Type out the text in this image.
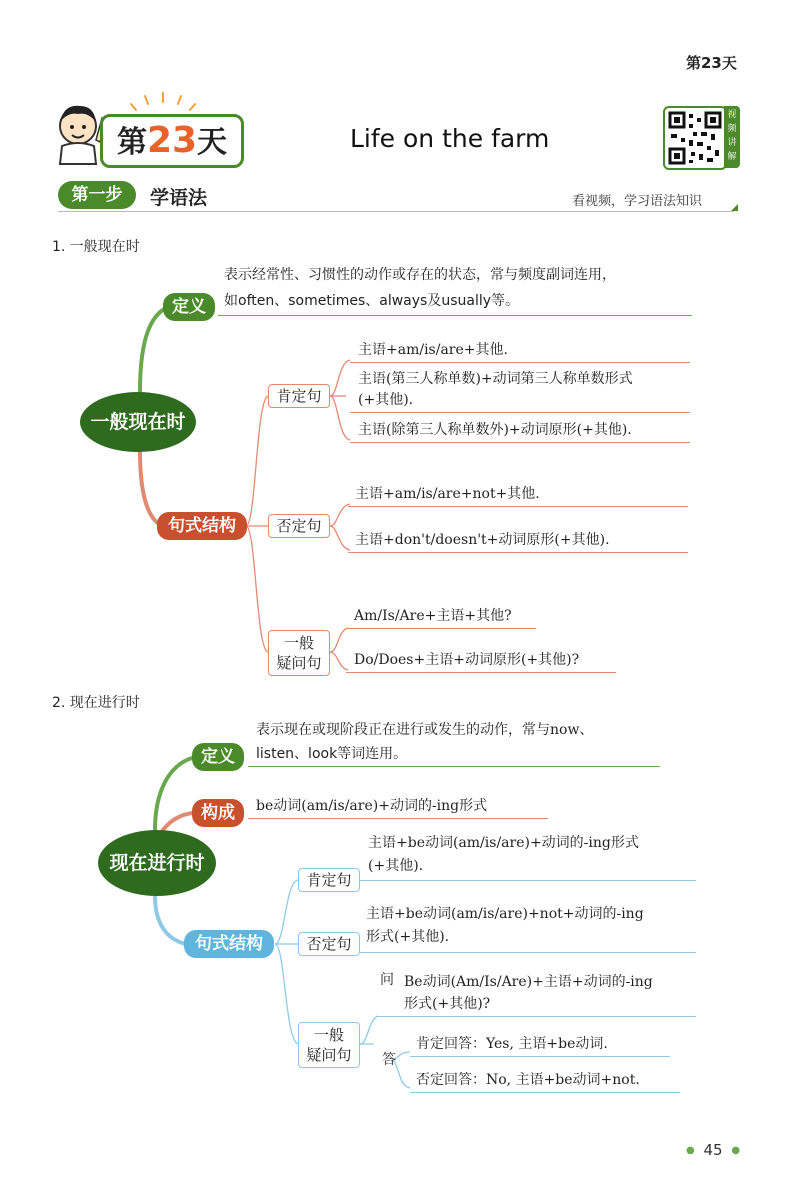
第23天
第23天	Life on the farm
视
频
讲
解
第一步	学语法	看视频，学习语法知识
1. 一般现在时
一般现在时
定义
表示经常性、习惯性的动作或存在的状态，常与频度副词连用，
如often、sometimes、always及usually等。
句式结构
肯定句
主语+am/is/are+其他.
主语(第三人称单数)+动词第三人称单数形式
(+其他).
主语(除第三人称单数外)+动词原形(+其他).
否定句
主语+am/is/are+not+其他.
主语+don't/doesn't+动词原形(+其他).
一般
疑问句
Am/Is/Are+主语+其他?
Do/Does+主语+动词原形(+其他)?
2. 现在进行时
现在进行时
定义
表示现在或现阶段正在进行或发生的动作，常与now、
listen、look等词连用。
构成	be动词(am/is/are)+动词的-ing形式
句式结构
肯定句
主语+be动词(am/is/are)+动词的-ing形式
(+其他).
否定句
主语+be动词(am/is/are)+not+动词的-ing
形式(+其他).
一般
疑问句
问 Be动词(Am/Is/Are)+主语+动词的-ing
形式(+其他)?
答
肯定回答：Yes, 主语+be动词.
否定回答：No, 主语+be动词+not.
● 45 ●
